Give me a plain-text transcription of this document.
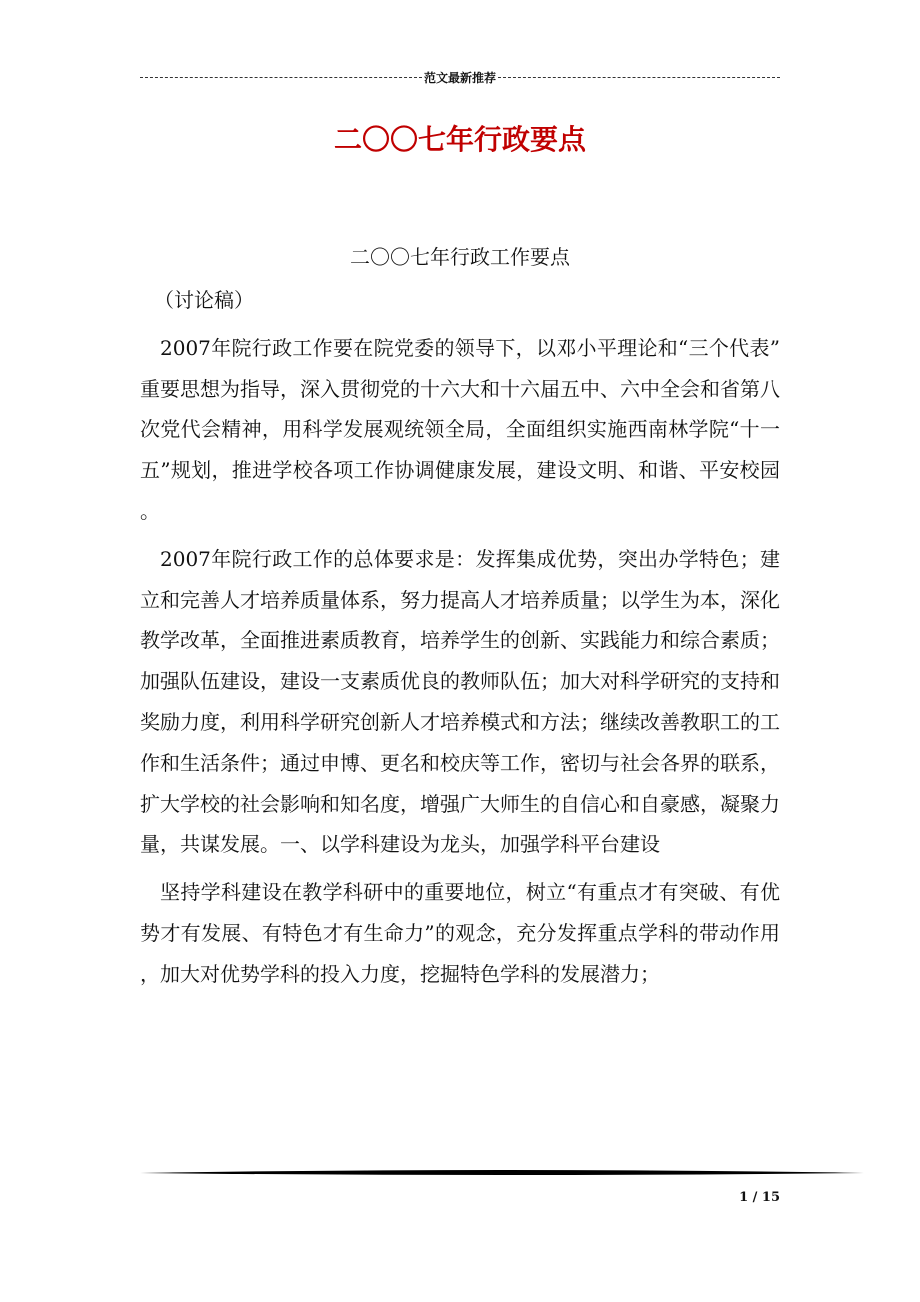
范文最新推荐
二〇〇七年行政要点
二〇〇七年行政工作要点
（讨论稿）

2007年院行政工作要在院党委的领导下，以邓小平理论和“三个代表”重要思想为指导，深入贯彻党的十六大和十六届五中、六中全会和省第八次党代会精神，用科学发展观统领全局，全面组织实施西南林学院“十一五”规划，推进学校各项工作协调健康发展，建设文明、和谐、平安校园。

2007年院行政工作的总体要求是：发挥集成优势，突出办学特色；建立和完善人才培养质量体系，努力提高人才培养质量；以学生为本，深化教学改革，全面推进素质教育，培养学生的创新、实践能力和综合素质；加强队伍建设，建设一支素质优良的教师队伍；加大对科学研究的支持和奖励力度，利用科学研究创新人才培养模式和方法；继续改善教职工的工作和生活条件；通过申博、更名和校庆等工作，密切与社会各界的联系，扩大学校的社会影响和知名度，增强广大师生的自信心和自豪感，凝聚力量，共谋发展。一、以学科建设为龙头，加强学科平台建设

坚持学科建设在教学科研中的重要地位，树立“有重点才有突破、有优势才有发展、有特色才有生命力”的观念，充分发挥重点学科的带动作用，加大对优势学科的投入力度，挖掘特色学科的发展潜力；

1 / 15
